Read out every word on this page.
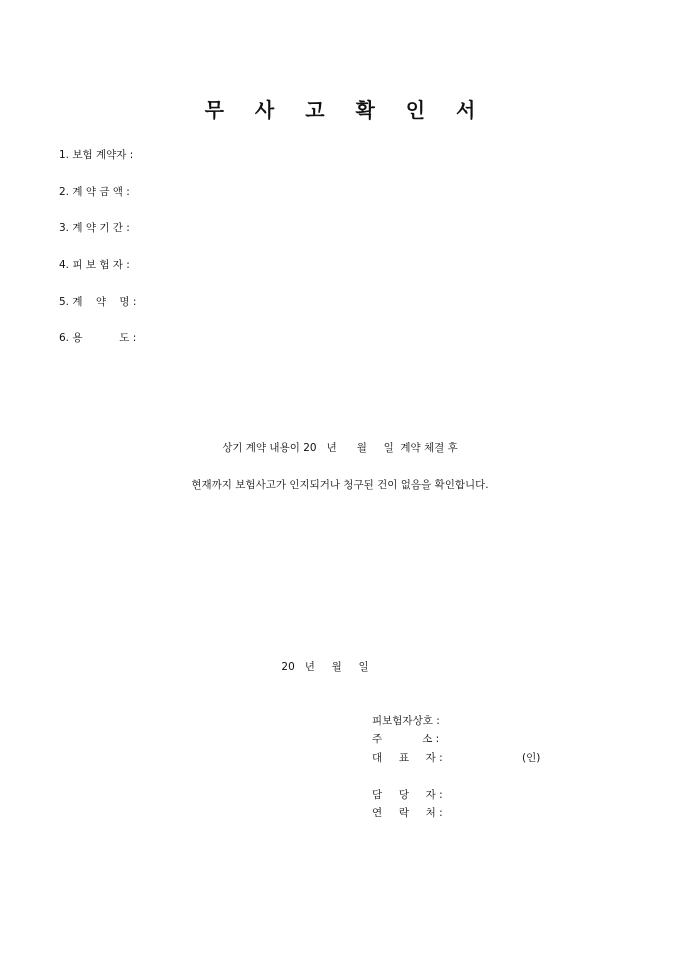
무 사 고 확 인 서
1. 보험 계약자 :
2. 계 약 금 액 :
3. 계 약 기 간 :
4. 피 보 험 자 :
5. 계    약    명 :
6. 용           도 :
상기 계약 내용이 20   년      월     일  계약 체결 후
현재까지 보험사고가 인지되거나 청구된 건이 없음을 확인합니다.
20   년     월     일
피보험자상호 :
주            소 :
대     표     자 :	(인)
담     당     자 :
연     락     처 :
